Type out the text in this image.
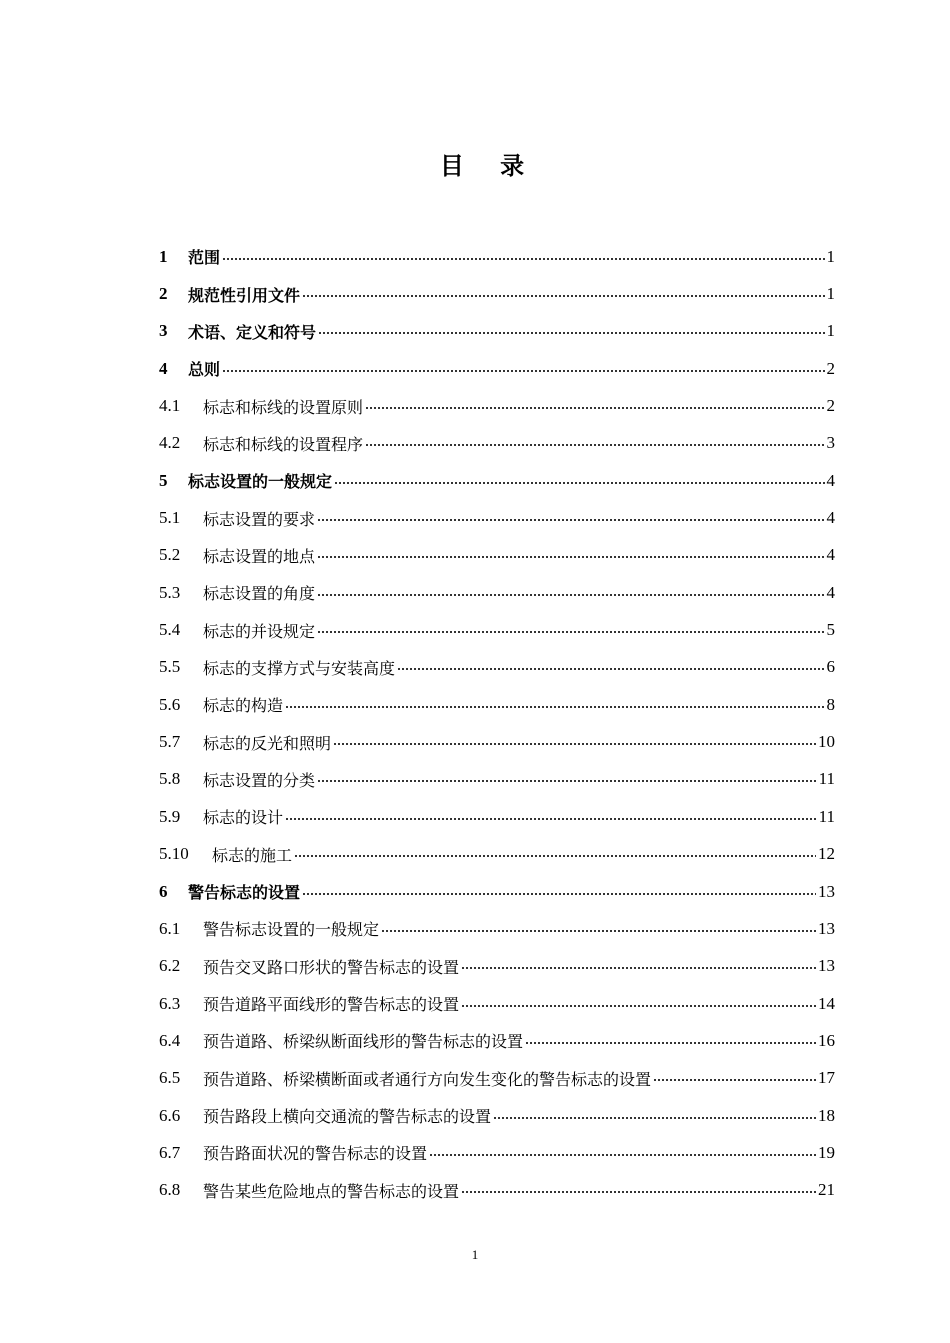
目 录
1	范围	1
2	规范性引用文件	1
3	术语、定义和符号	1
4	总则	2
4.1	标志和标线的设置原则	2
4.2	标志和标线的设置程序	3
5	标志设置的一般规定	4
5.1	标志设置的要求	4
5.2	标志设置的地点	4
5.3	标志设置的角度	4
5.4	标志的并设规定	5
5.5	标志的支撑方式与安装高度	6
5.6	标志的构造	8
5.7	标志的反光和照明	10
5.8	标志设置的分类	11
5.9	标志的设计	11
5.10	标志的施工	12
6	警告标志的设置	13
6.1	警告标志设置的一般规定	13
6.2	预告交叉路口形状的警告标志的设置	13
6.3	预告道路平面线形的警告标志的设置	14
6.4	预告道路、桥梁纵断面线形的警告标志的设置	16
6.5	预告道路、桥梁横断面或者通行方向发生变化的警告标志的设置	17
6.6	预告路段上横向交通流的警告标志的设置	18
6.7	预告路面状况的警告标志的设置	19
6.8	警告某些危险地点的警告标志的设置	21
1
